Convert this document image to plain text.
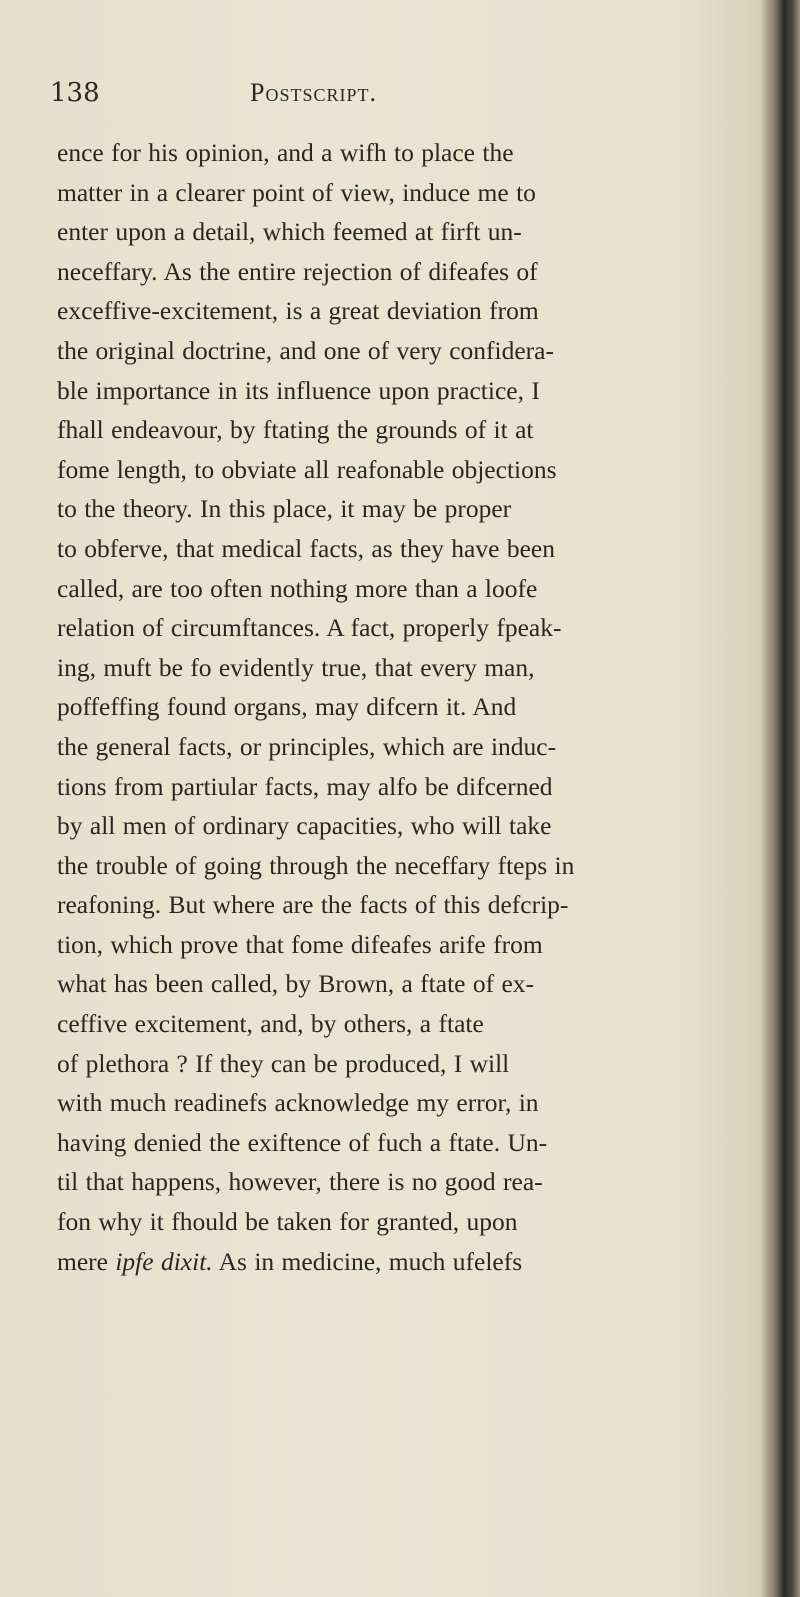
138	Postscript.
ence for his opinion, and a wifh to place the
matter in a clearer point of view, induce me to
enter upon a detail, which feemed at firft un-
neceffary. As the entire rejection of difeafes of
exceffive-excitement, is a great deviation from
the original doctrine, and one of very confidera-
ble importance in its influence upon practice, I
fhall endeavour, by ftating the grounds of it at
fome length, to obviate all reafonable objections
to the theory. In this place, it may be proper
to obferve, that medical facts, as they have been
called, are too often nothing more than a loofe
relation of circumftances. A fact, properly fpeak-
ing, muft be fo evidently true, that every man,
poffeffing found organs, may difcern it. And
the general facts, or principles, which are induc-
tions from partiular facts, may alfo be difcerned
by all men of ordinary capacities, who will take
the trouble of going through the neceffary fteps in
reafoning. But where are the facts of this defcrip-
tion, which prove that fome difeafes arife from
what has been called, by Brown, a ftate of ex-
ceffive excitement, and, by others, a ftate
of plethora ? If they can be produced, I will
with much readinefs acknowledge my error, in
having denied the exiftence of fuch a ftate. Un-
til that happens, however, there is no good rea-
fon why it fhould be taken for granted, upon
mere ipfe dixit. As in medicine, much ufelefs
